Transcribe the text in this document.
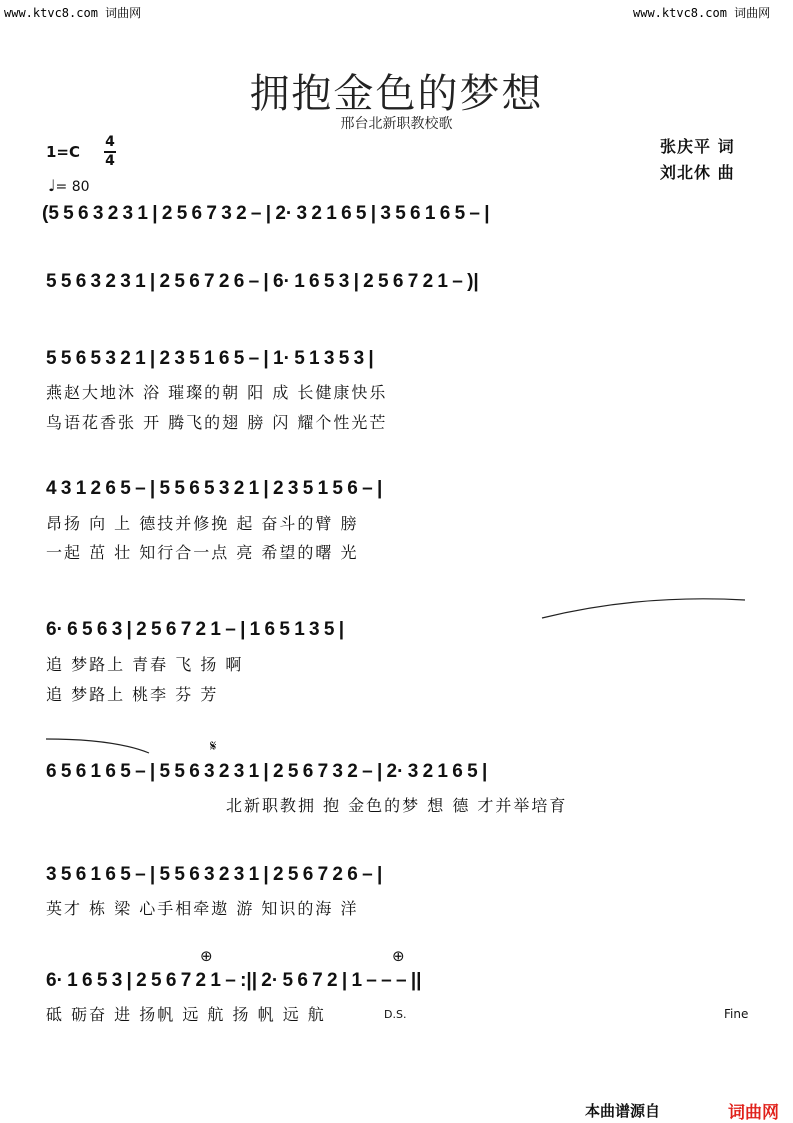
www.ktvc8.com 词曲网	www.ktvc8.com 词曲网
拥抱金色的梦想
邢台北新职教校歌
1=C
4
4
♩= 80
张庆平 词
刘北休 曲
(5 5 6 3 2 3 1 | 2 5 6 7 3 2 – | 2· 3 2 1 6 5 | 3 5 6 1 6 5 – |
5 5 6 3 2 3 1 | 2 5 6 7 2 6 – | 6· 1 6 5 3 | 2 5 6 7 2 1 – )|
5 5 6 5 3 2 1 | 2 3 5 1 6 5 – | 1· 5 1 3 5 3 |
4 3 1 2 6 5 – | 5 5 6 5 3 2 1 | 2 3 5 1 5 6 – |
6· 6 5 6 3 | 2 5 6 7 2 1 – | 1 6 5 1 3 5 |
6 5 6 1 6 5 – | 5 5 6 3 2 3 1 | 2 5 6 7 3 2 – | 2· 3 2 1 6 5 |
3 5 6 1 6 5 – | 5 5 6 3 2 3 1 | 2 5 6 7 2 6 – |
6· 1 6 5 3 | 2 5 6 7 2 1 – :|| 2· 5 6 7 2 | 1 – – – ||
燕赵大地沐 浴 璀璨的朝 阳 成 长健康快乐
鸟语花香张 开 腾飞的翅 膀 闪 耀个性光芒
昂扬 向 上 德技并修挽 起 奋斗的臂 膀
一起 茁 壮 知行合一点 亮 希望的曙 光
追 梦路上 青春 飞 扬 啊
追 梦路上 桃李 芬 芳
北新职教拥 抱 金色的梦 想 德 才并举培育
英才 栋 梁 心手相牵遨 游 知识的海 洋
砥 砺奋 进 扬帆 远 航 扬 帆 远 航
𝄋
⊕	⊕
D.S.	Fine
本曲谱源自	词曲网
